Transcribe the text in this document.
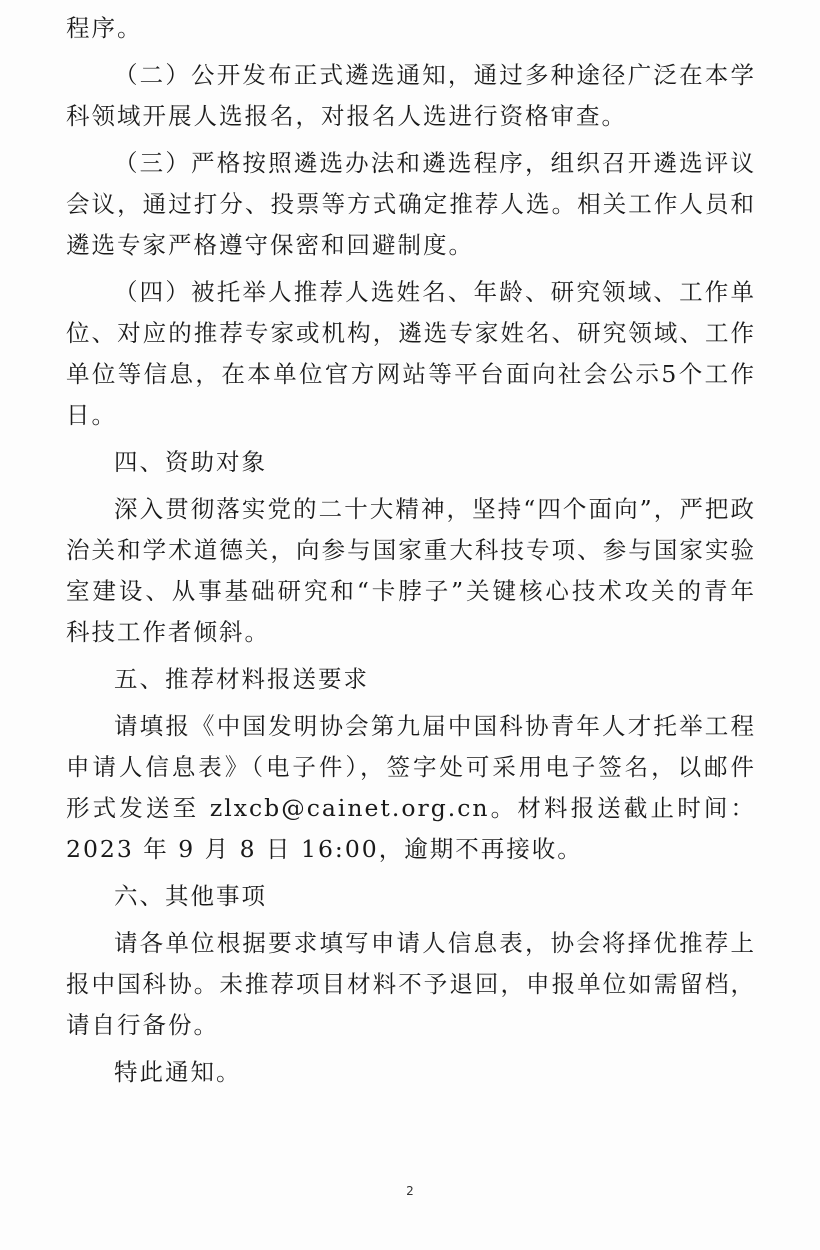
程序。

（二）公开发布正式遴选通知，通过多种途径广泛在本学科领域开展人选报名，对报名人选进行资格审查。

（三）严格按照遴选办法和遴选程序，组织召开遴选评议会议，通过打分、投票等方式确定推荐人选。相关工作人员和遴选专家严格遵守保密和回避制度。

（四）被托举人推荐人选姓名、年龄、研究领域、工作单位、对应的推荐专家或机构，遴选专家姓名、研究领域、工作单位等信息，在本单位官方网站等平台面向社会公示5个工作日。

四、资助对象

深入贯彻落实党的二十大精神，坚持“四个面向”，严把政治关和学术道德关，向参与国家重大科技专项、参与国家实验室建设、从事基础研究和“卡脖子”关键核心技术攻关的青年科技工作者倾斜。

五、推荐材料报送要求

请填报《中国发明协会第九届中国科协青年人才托举工程申请人信息表》（电子件），签字处可采用电子签名，以邮件形式发送至 zlxcb@cainet.org.cn。材料报送截止时间：2023 年 9 月 8 日 16:00，逾期不再接收。

六、其他事项

请各单位根据要求填写申请人信息表，协会将择优推荐上报中国科协。未推荐项目材料不予退回，申报单位如需留档，请自行备份。

特此通知。

2
